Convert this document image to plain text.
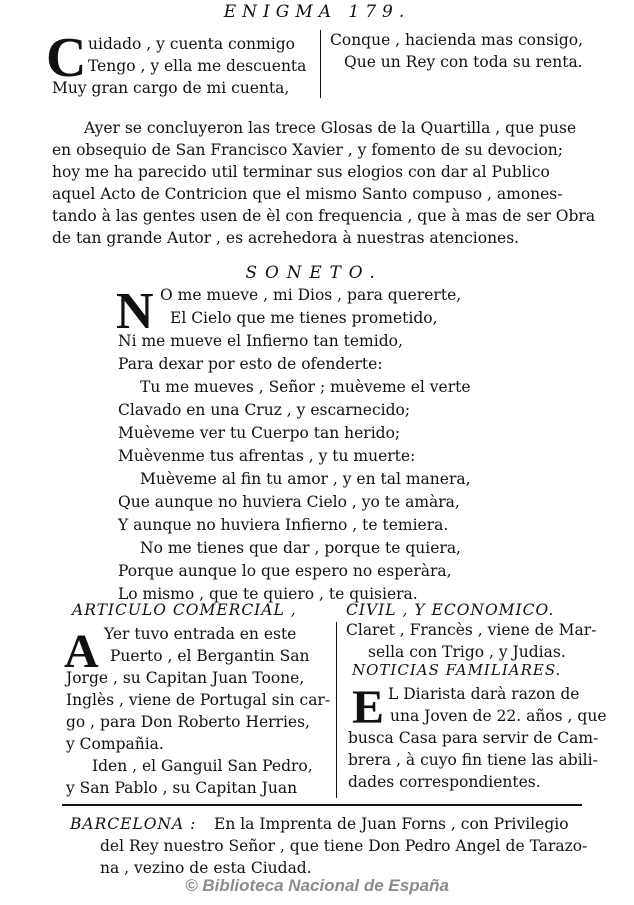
ENIGMA 179.
C uidado , y cuenta conmigo
Tengo , y ella me descuenta
Muy gran cargo de mi cuenta,
Conque , hacienda mas consigo,
Que un Rey con toda su renta.
Ayer se concluyeron las trece Glosas de la Quartilla , que puse
en obsequio de San Francisco Xavier , y fomento de su devocion;
hoy me ha parecido util terminar sus elogios con dar al Publico
aquel Acto de Contricion que el mismo Santo compuso , amones-
tando à las gentes usen de èl con frequencia , que à mas de ser Obra
de tan grande Autor , es acrehedora à nuestras atenciones.
SONETO.
N O me mueve , mi Dios , para quererte,
El Cielo que me tienes prometido,
Ni me mueve el Infierno tan temido,
Para dexar por esto de ofenderte:
Tu me mueves , Señor ; muèveme el verte
Clavado en una Cruz , y escarnecido;
Muèveme ver tu Cuerpo tan herido;
Muèvenme tus afrentas , y tu muerte:
Muèveme al fin tu amor , y en tal manera,
Que aunque no huviera Cielo , yo te amàra,
Y aunque no huviera Infierno , te temiera.
No me tienes que dar , porque te quiera,
Porque aunque lo que espero no esperàra,
Lo mismo , que te quiero , te quisiera.
ARTICULO COMERCIAL ,	CIVIL , Y ECONOMICO.
A Yer tuvo entrada en este
Puerto , el Bergantin San
Jorge , su Capitan Juan Toone,
Inglès , viene de Portugal sin car-
go , para Don Roberto Herries,
y Compañia.
Iden , el Ganguil San Pedro,
y San Pablo , su Capitan Juan
Claret , Francès , viene de Mar-
sella con Trigo , y Judias.
NOTICIAS FAMILIARES.
E L Diarista darà razon de
una Joven de 22. años , que
busca Casa para servir de Cam-
brera , à cuyo fin tiene las abili-
dades correspondientes.
BARCELONA : En la Imprenta de Juan Forns , con Privilegio
del Rey nuestro Señor , que tiene Don Pedro Angel de Tarazo-
na , vezino de esta Ciudad.
© Biblioteca Nacional de España
